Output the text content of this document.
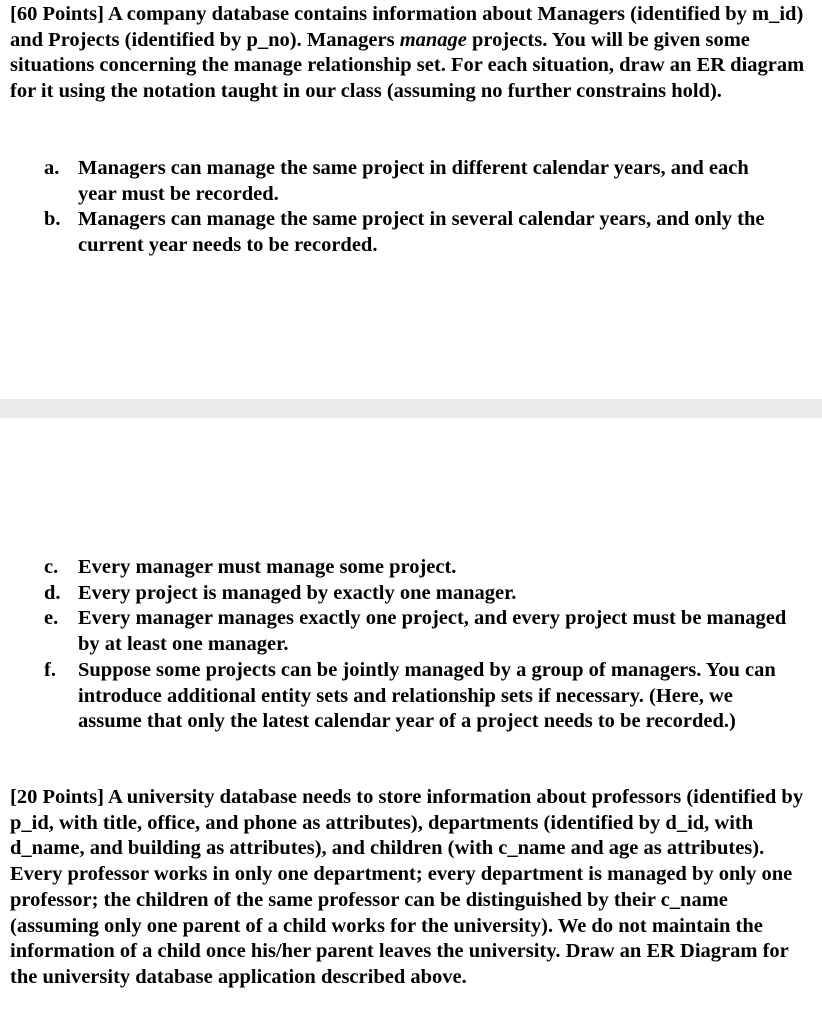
[60 Points] A company database contains information about Managers (identified by m_id) and Projects (identified by p_no). Managers manage projects. You will be given some situations concerning the manage relationship set. For each situation, draw an ER diagram for it using the notation taught in our class (assuming no further constrains hold).

a. Managers can manage the same project in different calendar years, and each year must be recorded.
b. Managers can manage the same project in several calendar years, and only the current year needs to be recorded.
c. Every manager must manage some project.
d. Every project is managed by exactly one manager.
e. Every manager manages exactly one project, and every project must be managed by at least one manager.
f. Suppose some projects can be jointly managed by a group of managers. You can introduce additional entity sets and relationship sets if necessary. (Here, we assume that only the latest calendar year of a project needs to be recorded.)

[20 Points] A university database needs to store information about professors (identified by p_id, with title, office, and phone as attributes), departments (identified by d_id, with d_name, and building as attributes), and children (with c_name and age as attributes). Every professor works in only one department; every department is managed by only one professor; the children of the same professor can be distinguished by their c_name (assuming only one parent of a child works for the university). We do not maintain the information of a child once his/her parent leaves the university. Draw an ER Diagram for the university database application described above.
